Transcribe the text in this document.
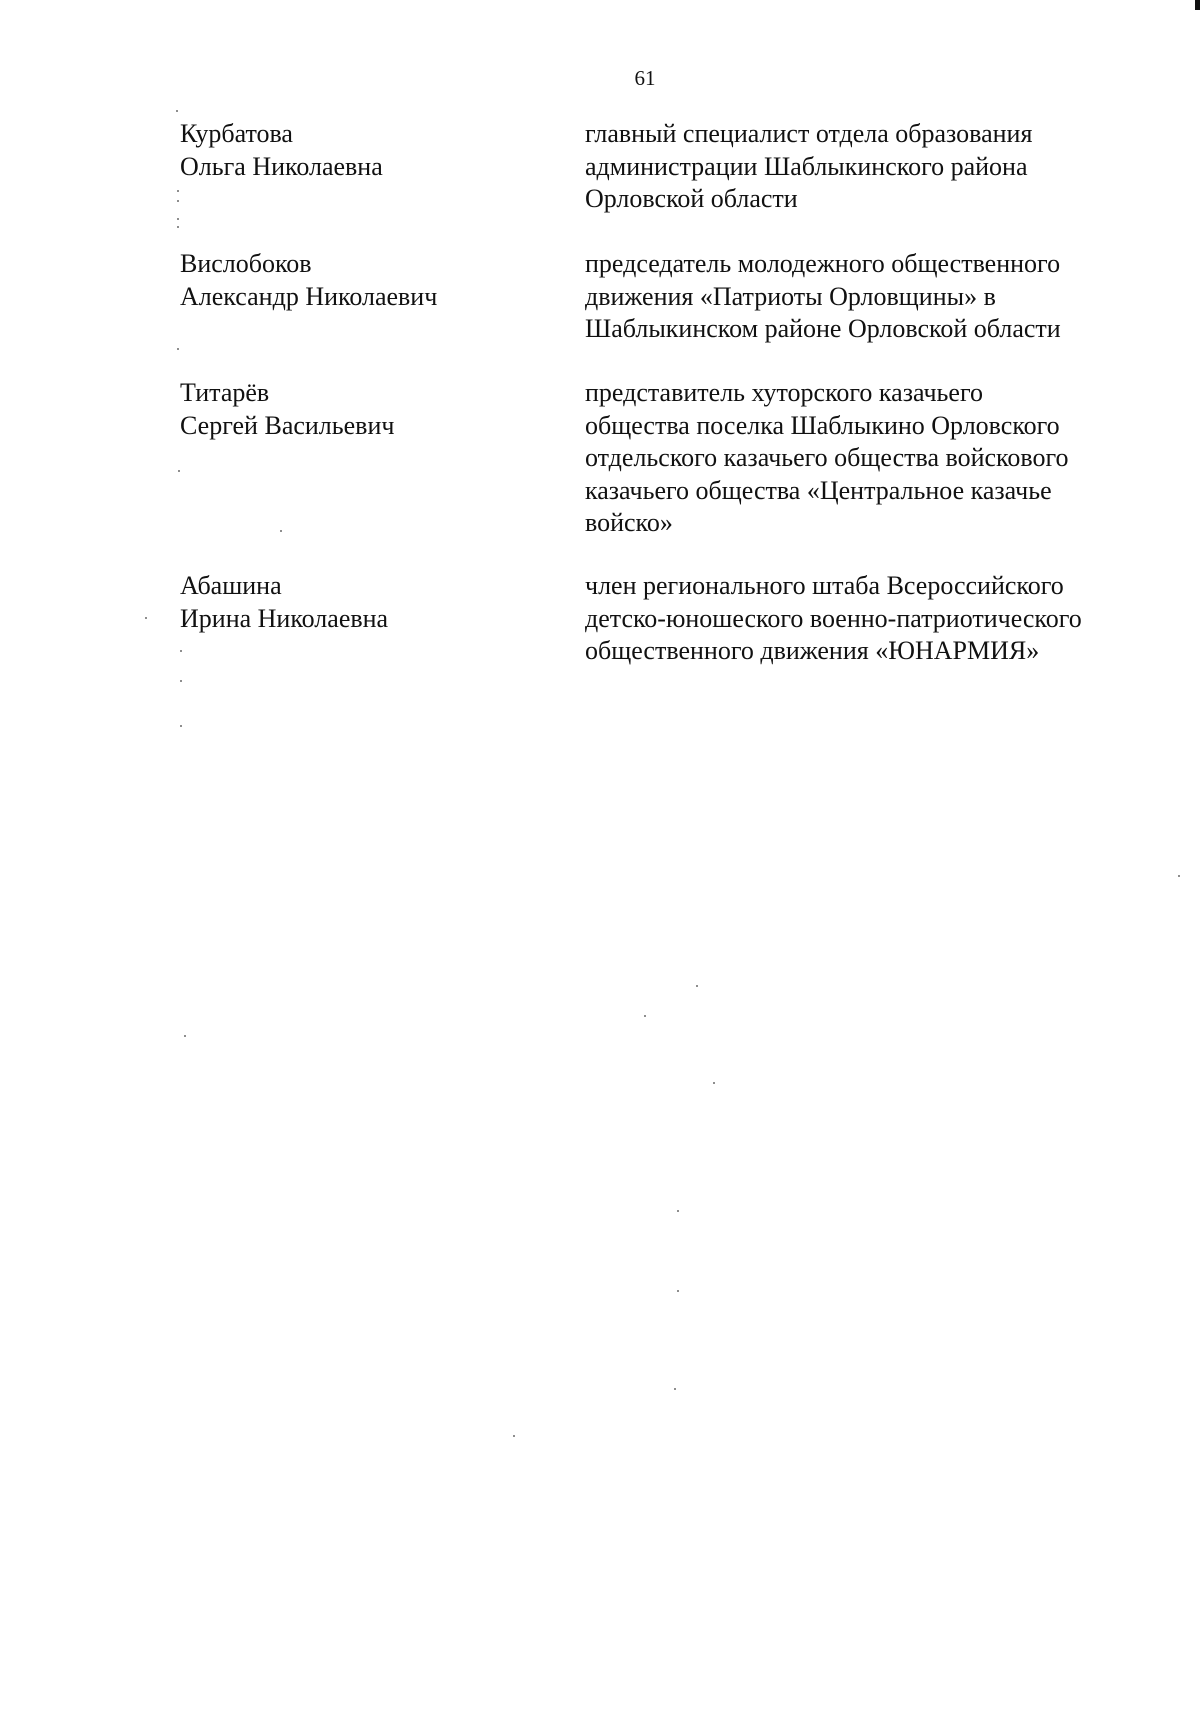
61
Курбатова
Ольга Николаевна
главный специалист отдела образования
администрации Шаблыкинского района
Орловской области
Вислобоков
Александр Николаевич
председатель молодежного общественного
движения «Патриоты Орловщины» в
Шаблыкинском районе Орловской области
Титарёв
Сергей Васильевич
представитель хуторского казачьего
общества поселка Шаблыкино Орловского
отдельского казачьего общества войскового
казачьего общества «Центральное казачье
войско»
Абашина
Ирина Николаевна
член регионального штаба Всероссийского
детско-юношеского военно-патриотического
общественного движения «ЮНАРМИЯ»
